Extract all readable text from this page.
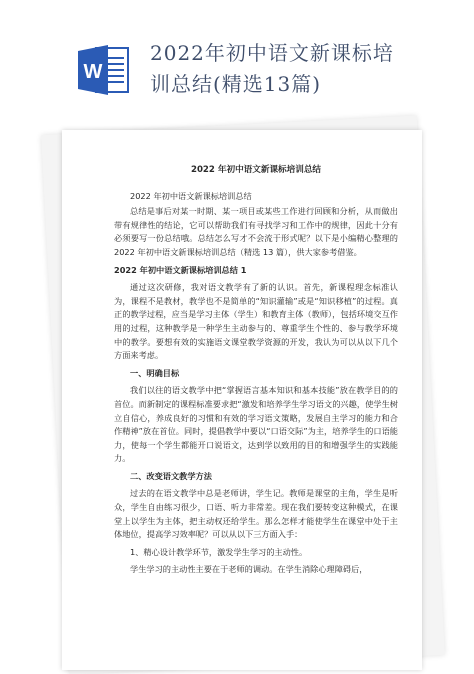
W
2022年初中语文新课标培
训总结(精选13篇)
2022 年初中语文新课标培训总结
2022 年初中语文新课标培训总结
总结是事后对某一时期、某一项目或某些工作进行回顾和分析，从而做出带有规律性的结论，它可以帮助我们有寻找学习和工作中的规律，因此十分有必须要写一份总结哦。总结怎么写才不会流于形式呢？以下是小编精心整理的 2022 年初中语文新课标培训总结（精选 13 篇），供大家参考借鉴。
2022 年初中语文新课标培训总结 1
通过这次研修，我对语文教学有了新的认识。首先，新课程理念标准认为，课程不是教材，教学也不是简单的“知识灌输”或是“知识移植”的过程。真正的教学过程，应当是学习主体（学生）和教育主体（教师），包括环境交互作用的过程，这种教学是一种学生主动参与的、尊重学生个性的、参与教学环境中的教学。要想有效的实施语文课堂教学资源的开发，我认为可以从以下几个方面来考虑。
一、明确目标
我们以往的语文教学中把“掌握语言基本知识和基本技能”放在教学目的的首位。而新制定的课程标准要求把“激发和培养学生学习语文的兴趣，使学生树立自信心，养成良好的习惯和有效的学习语文策略，发展自主学习的能力和合作精神”放在首位。同时，提倡教学中要以“口语交际”为主，培养学生的口语能力，使每一个学生都能开口说语文，达到学以致用的目的和增强学生的实践能力。
二、改变语文教学方法
过去的在语文教学中总是老师讲，学生记。教师是课堂的主角，学生是听众，学生自由练习很少，口语、听力非常差。现在我们要转变这种模式，在课堂上以学生为主体，把主动权还给学生。那么怎样才能使学生在课堂中处于主体地位，提高学习效率呢？可以从以下三方面入手：
1、精心设计教学环节，激发学生学习的主动性。
学生学习的主动性主要在于老师的调动。在学生消除心理障碍后，
